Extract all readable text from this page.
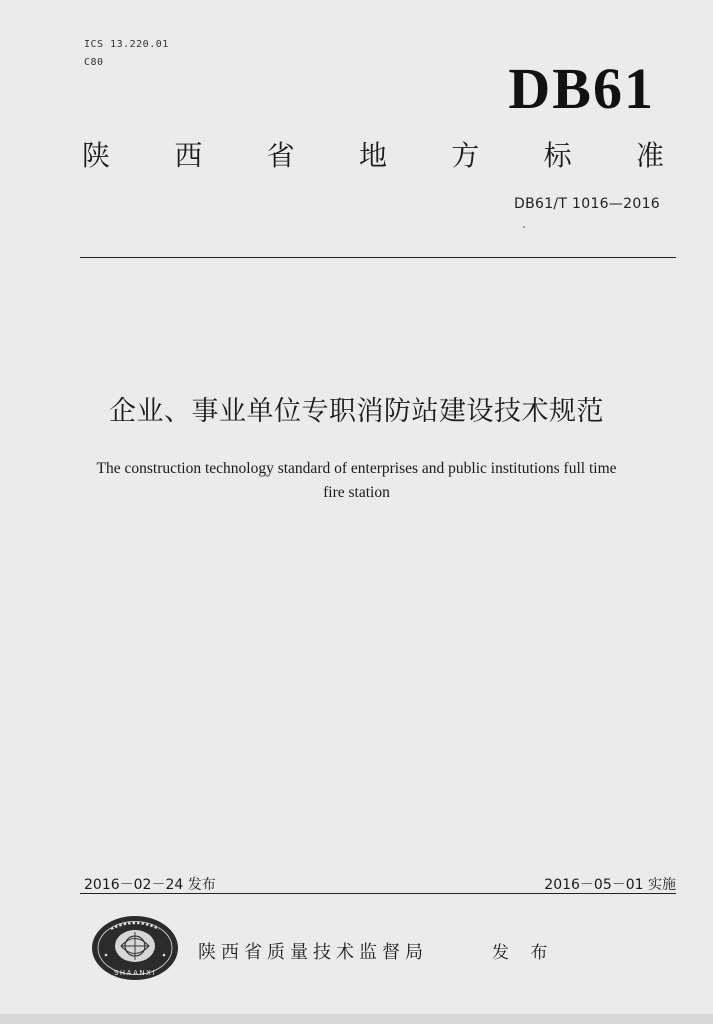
ICS 13.220.01
C80	DB61
陕 西 省 地 方 标 准
DB61/T 1016—2016
企业、事业单位专职消防站建设技术规范
The construction technology standard of enterprises and public institutions full time
fire station
2016－02－24 发布	2016－05－01 实施
SHAANXI
陕西省质量技术监督局	发 布
